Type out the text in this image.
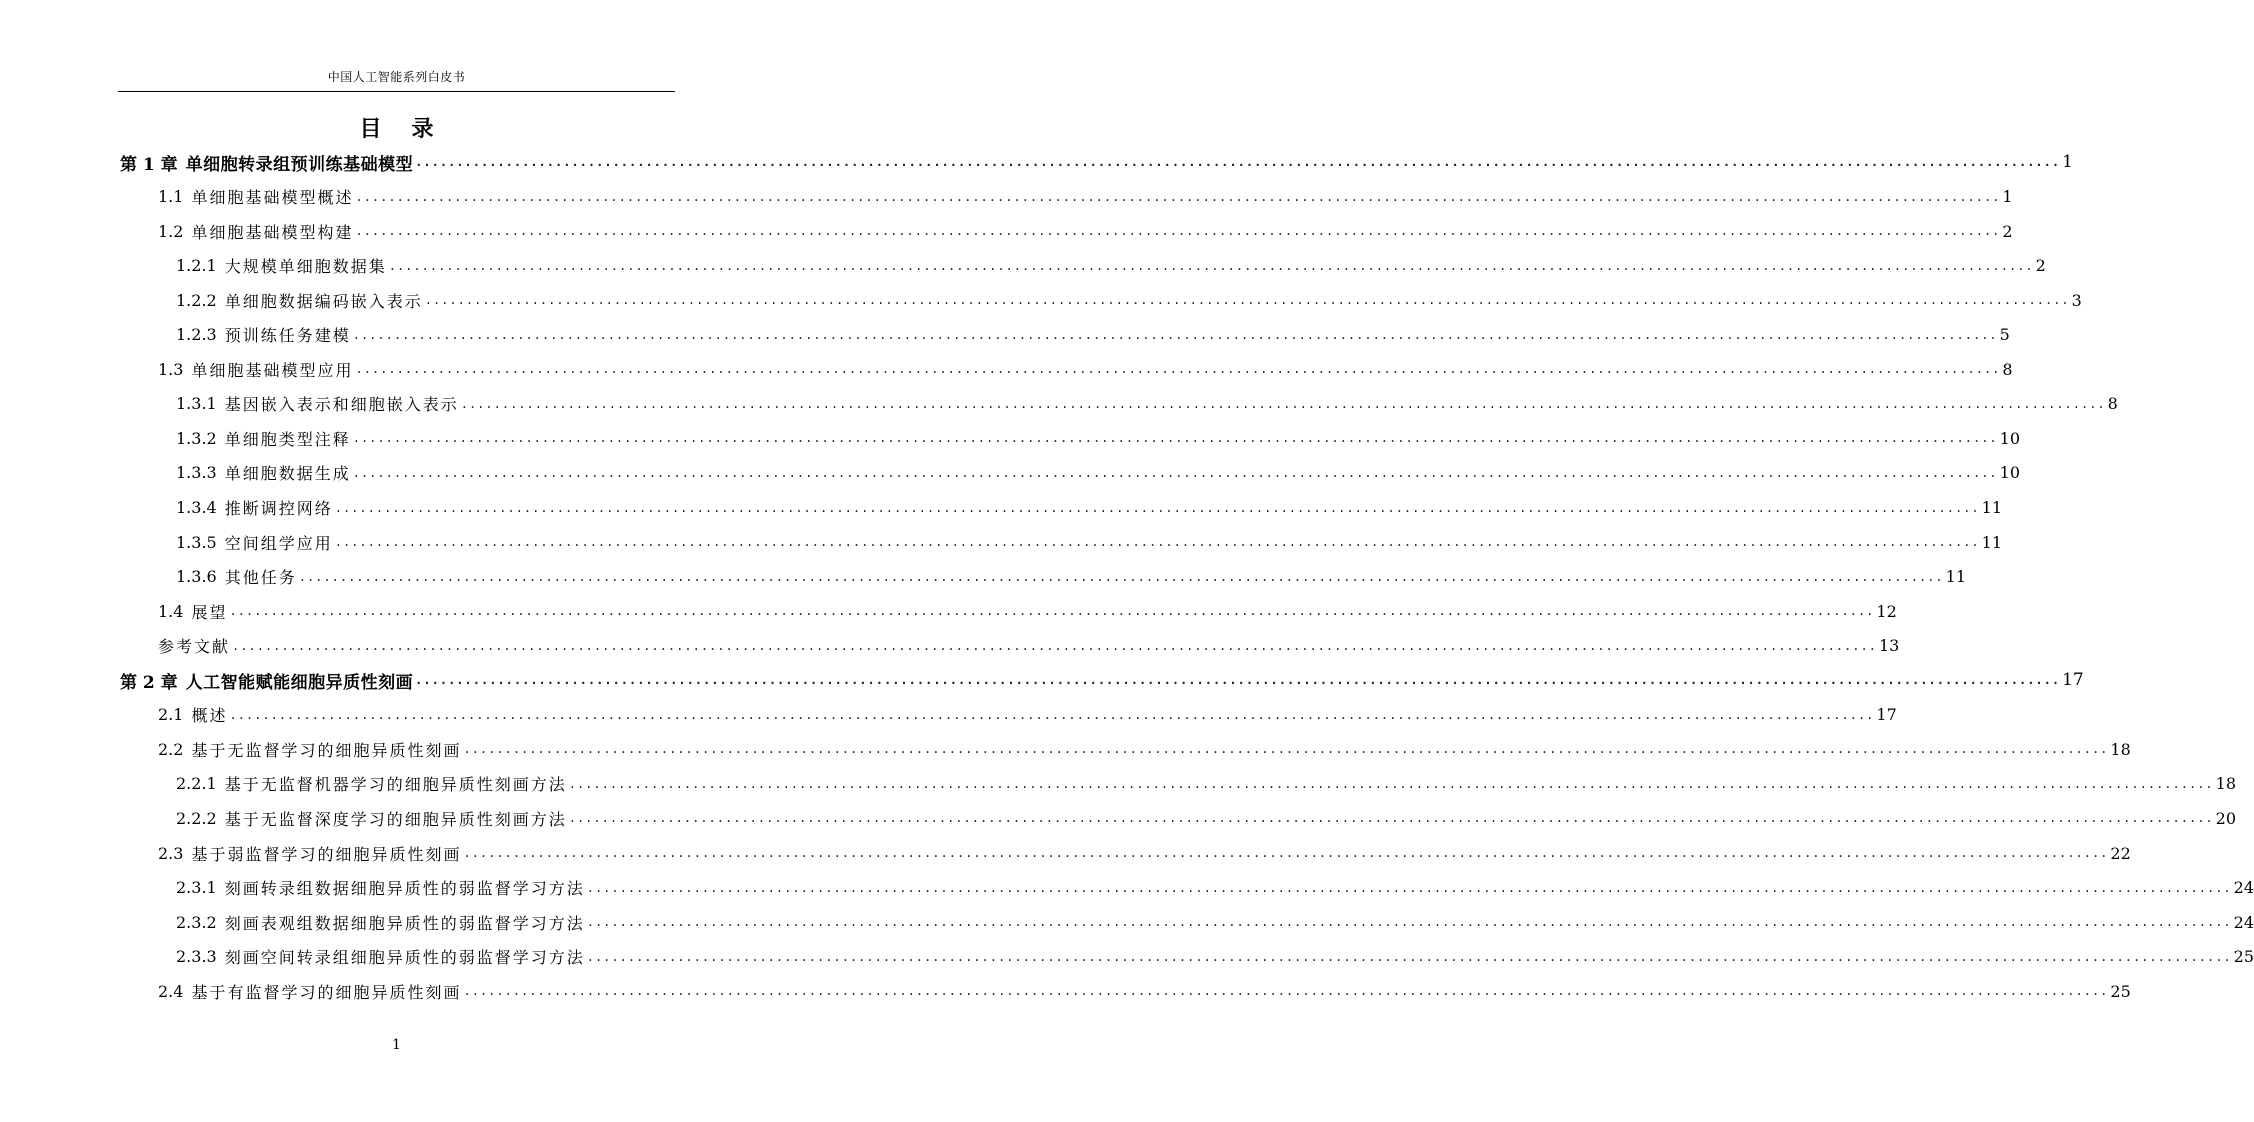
中国人工智能系列白皮书
目录
第 1 章 单细胞转录组预训练基础模型 ........................................................................................................................................................................................................ 1
1.1 单细胞基础模型概述 ........................................................................................................................................................................................................ 1
1.2 单细胞基础模型构建 ........................................................................................................................................................................................................ 2
1.2.1 大规模单细胞数据集 ........................................................................................................................................................................................................ 2
1.2.2 单细胞数据编码嵌入表示 ........................................................................................................................................................................................................ 3
1.2.3 预训练任务建模 ........................................................................................................................................................................................................ 5
1.3 单细胞基础模型应用 ........................................................................................................................................................................................................ 8
1.3.1 基因嵌入表示和细胞嵌入表示 ........................................................................................................................................................................................................ 8
1.3.2 单细胞类型注释 ........................................................................................................................................................................................................ 10
1.3.3 单细胞数据生成 ........................................................................................................................................................................................................ 10
1.3.4 推断调控网络 ........................................................................................................................................................................................................ 11
1.3.5 空间组学应用 ........................................................................................................................................................................................................ 11
1.3.6 其他任务 ........................................................................................................................................................................................................ 11
1.4 展望 ........................................................................................................................................................................................................ 12
参考文献 ........................................................................................................................................................................................................ 13
第 2 章 人工智能赋能细胞异质性刻画 ........................................................................................................................................................................................................ 17
2.1 概述 ........................................................................................................................................................................................................ 17
2.2 基于无监督学习的细胞异质性刻画 ........................................................................................................................................................................................................ 18
2.2.1 基于无监督机器学习的细胞异质性刻画方法 ........................................................................................................................................................................................................ 18
2.2.2 基于无监督深度学习的细胞异质性刻画方法 ........................................................................................................................................................................................................ 20
2.3 基于弱监督学习的细胞异质性刻画 ........................................................................................................................................................................................................ 22
2.3.1 刻画转录组数据细胞异质性的弱监督学习方法 ........................................................................................................................................................................................................ 24
2.3.2 刻画表观组数据细胞异质性的弱监督学习方法 ........................................................................................................................................................................................................ 24
2.3.3 刻画空间转录组细胞异质性的弱监督学习方法 ........................................................................................................................................................................................................ 25
2.4 基于有监督学习的细胞异质性刻画 ........................................................................................................................................................................................................ 25
1
